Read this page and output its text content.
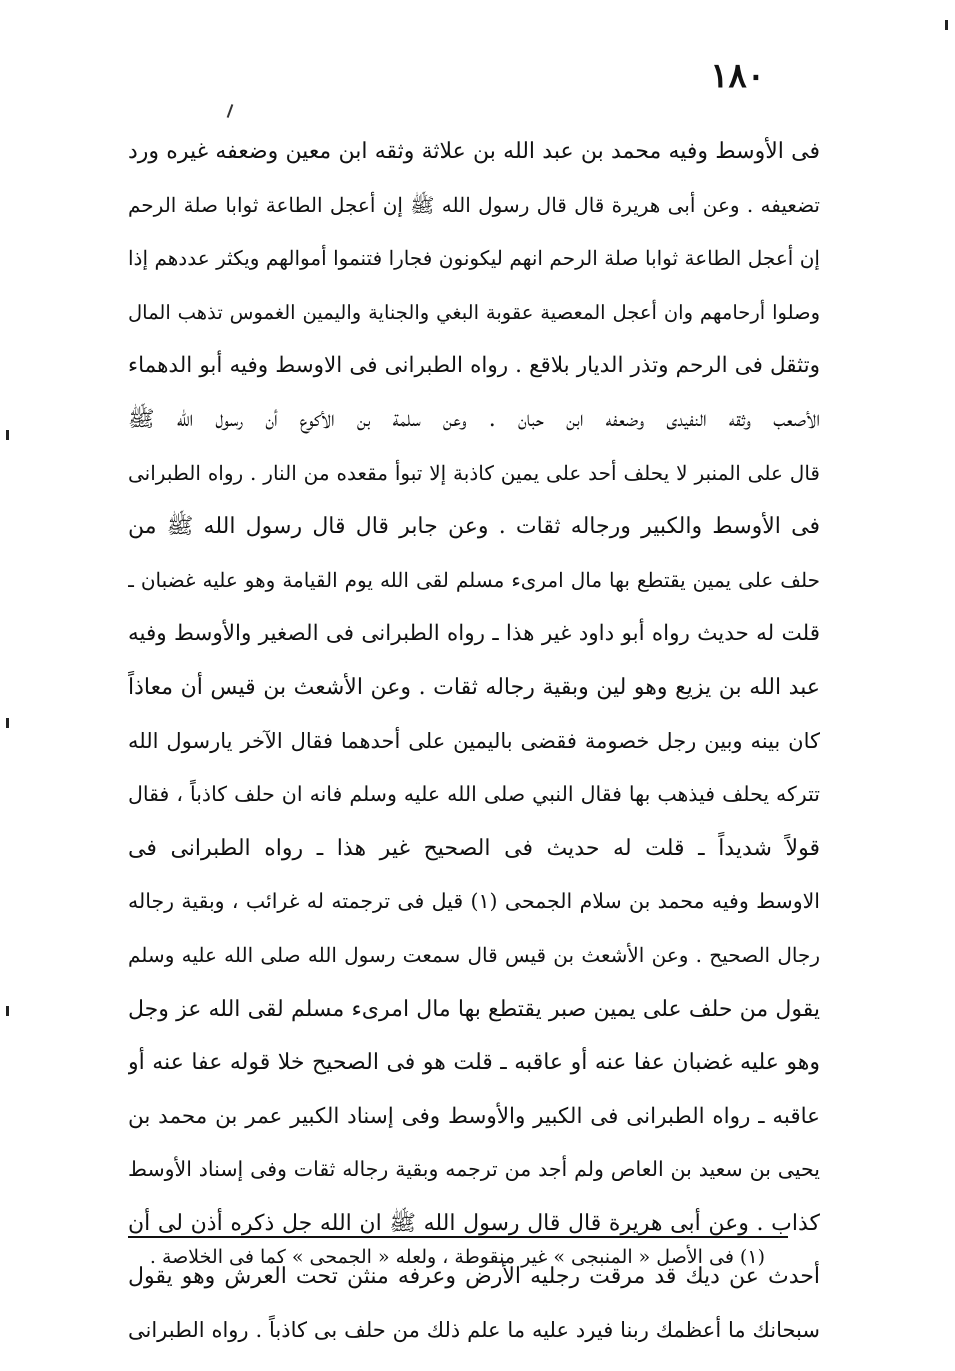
١٨٠
فى الأوسط وفيه محمد بن عبد الله بن علاثة وثقه ابن معين وضعفه غيره ورد
تضعيفه . وعن أبى هريرة قال قال رسول الله ﷺ إن أعجل الطاعة ثوابا صلة الرحم
إن أعجل الطاعة ثوابا صلة الرحم انهم ليكونون فجارا فتنموا أموالهم ويكثر عددهم إذا
وصلوا أرحامهم وان أعجل المعصية عقوبة البغي والجناية واليمين الغموس تذهب المال
وتثقل فى الرحم وتذر الديار بلاقع . رواه الطبرانى فى الاوسط وفيه أبو الدهماء
الأصعب وثقه النفيدى وضعفه ابن حبان . وعن سلمة بن الأكوع أن رسول الله ﷺ
قال على المنبر لا يحلف أحد على يمين كاذبة إلا تبوأ مقعده من النار . رواه الطبرانى
فى الأوسط والكبير ورجاله ثقات . وعن جابر قال قال رسول الله ﷺ من
حلف على يمين يقتطع بها مال امرىء مسلم لقى الله يوم القيامة وهو عليه غضبان ـ
قلت له حديث رواه أبو داود غير هذا ـ رواه الطبرانى فى الصغير والأوسط وفيه
عبد الله بن يزيع وهو لين وبقية رجاله ثقات . وعن الأشعث بن قيس أن معاذاً
كان بينه وبين رجل خصومة فقضى باليمين على أحدهما فقال الآخر يارسول الله
تتركه يحلف فيذهب بها فقال النبي صلى الله عليه وسلم فانه ان حلف كاذباً ، فقال
قولاً شديداً ـ قلت له حديث فى الصحيح غير هذا ـ رواه الطبرانى فى
الاوسط وفيه محمد بن سلام الجمحى (١) قيل فى ترجمته له غرائب ، وبقية رجاله
رجال الصحيح . وعن الأشعث بن قيس قال سمعت رسول الله صلى الله عليه وسلم
يقول من حلف على يمين صبر يقتطع بها مال امرىء مسلم لقى الله عز وجل
وهو عليه غضبان عفا عنه أو عاقبه ـ قلت هو فى الصحيح خلا قوله عفا عنه أو
عاقبه ـ رواه الطبرانى فى الكبير والأوسط وفى إسناد الكبير عمر بن محمد بن
يحيى بن سعيد بن العاص ولم أجد من ترجمه وبقية رجاله ثقات وفى إسناد الأوسط
كذاب . وعن أبى هريرة قال قال رسول الله ﷺ ان الله جل ذكره أذن لى أن
أحدث عن ديك قد مرقت رجليه الأرض وعرفه منثن تحت العرش وهو يقول
سبحانك ما أعظمك ربنا فيرد عليه ما علم ذلك من حلف بى كاذباً . رواه الطبرانى
(١) فى الأصل « المنبجى » غير منقوطة ، ولعله « الجمحى » كما فى الخلاصة .
